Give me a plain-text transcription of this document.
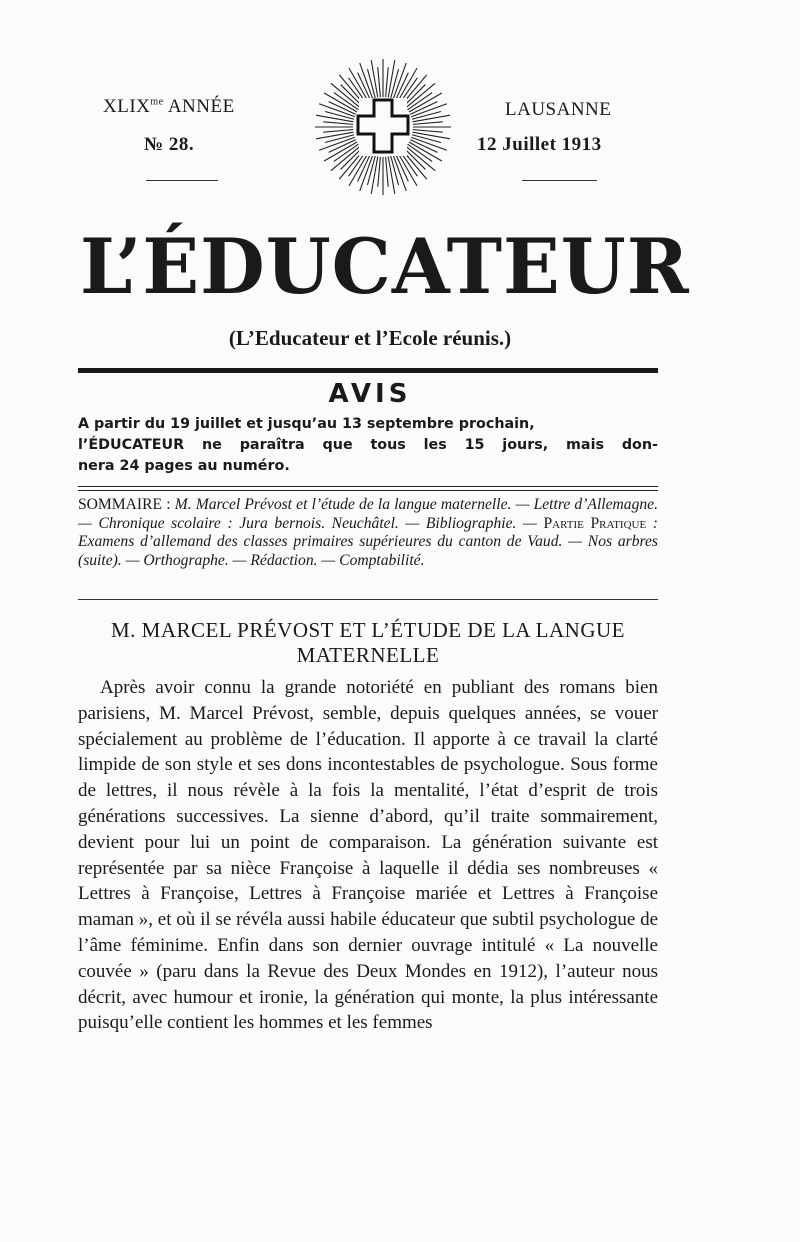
$XLIX^{me}$ ANNÉE
№ 28.
LAUSANNE
12 Juillet 1913
L’ÉDUCATEUR
(L’Educateur et l’Ecole réunis.)
AVIS
A partir du 19 juillet et jusqu’au 13 septembre prochain,
l’ÉDUCATEUR ne paraîtra que tous les 15 jours, mais don-
nera 24 pages au numéro.
SOMMAIRE : M. Marcel Prévost et l’étude de la langue maternelle. — Lettre d’Allemagne. — Chronique scolaire : Jura bernois. Neuchâtel. — Bibliographie. — Partie Pratique : Examens d’allemand des classes primaires supérieures du canton de Vaud. — Nos arbres (suite). — Orthographe. — Rédaction. — Comptabilité.
M. MARCEL PRÉVOST ET L’ÉTUDE DE LA LANGUE MATERNELLE

Après avoir connu la grande notoriété en publiant des romans bien parisiens, M. Marcel Prévost, semble, depuis quelques années, se vouer spécialement au problème de l’éducation. Il apporte à ce travail la clarté limpide de son style et ses dons incontestables de psychologue. Sous forme de lettres, il nous révèle à la fois la mentalité, l’état d’esprit de trois générations successives. La sienne d’abord, qu’il traite sommairement, devient pour lui un point de comparaison. La génération suivante est représentée par sa nièce Françoise à laquelle il dédia ses nombreuses « Lettres à Françoise, Lettres à Françoise mariée et Lettres à Françoise maman », et où il se révéla aussi habile éducateur que subtil psychologue de l’âme féminime. Enfin dans son dernier ouvrage intitulé « La nouvelle couvée » (paru dans la Revue des Deux Mondes en 1912), l’auteur nous décrit, avec humour et ironie, la génération qui monte, la plus intéressante puisqu’elle contient les hommes et les femmes
